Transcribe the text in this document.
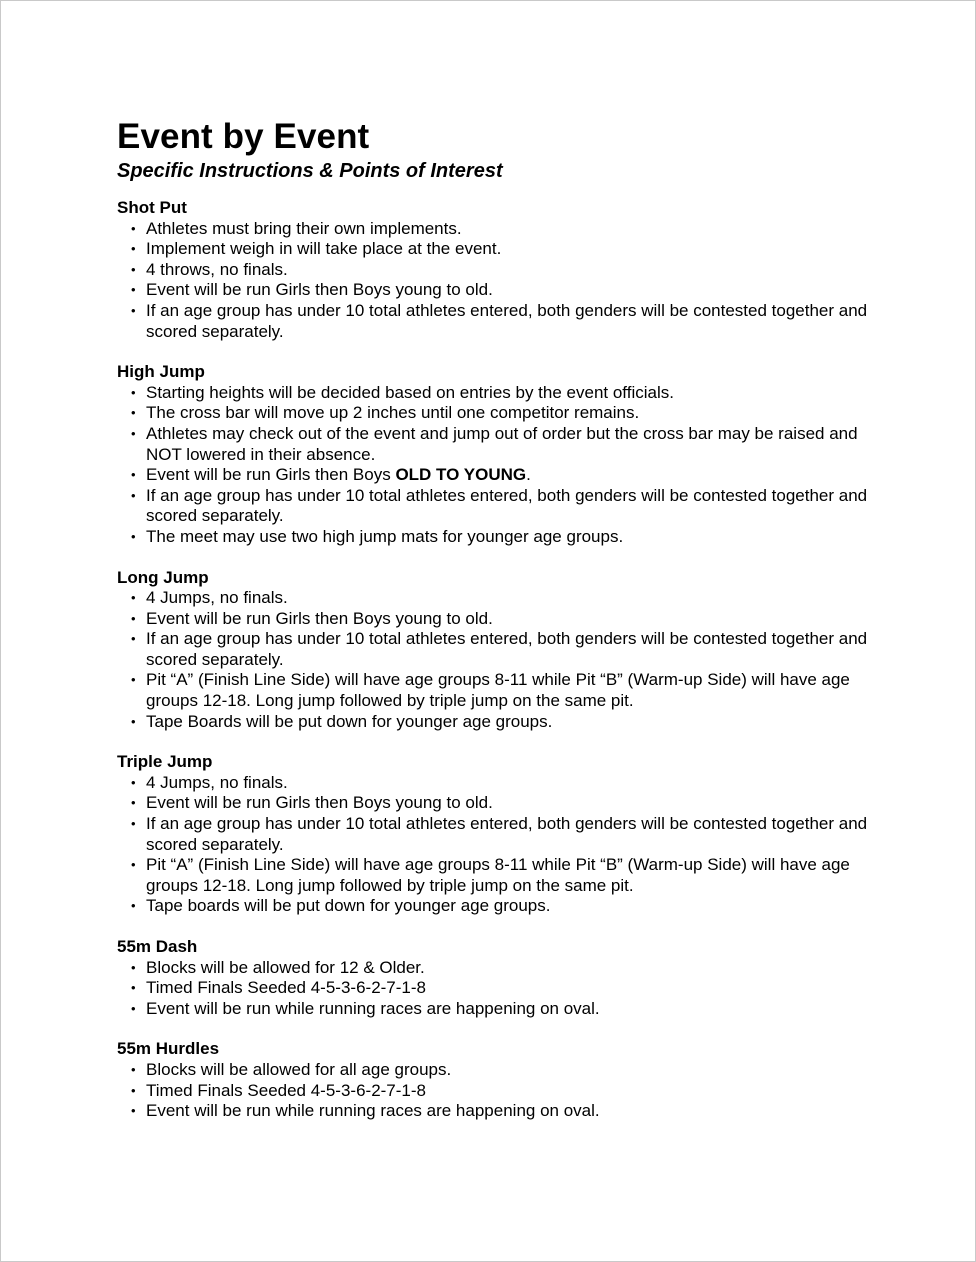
Event by Event
Specific Instructions & Points of Interest
Shot Put
• Athletes must bring their own implements.
• Implement weigh in will take place at the event.
• 4 throws, no finals.
• Event will be run Girls then Boys young to old.
• If an age group has under 10 total athletes entered, both genders will be contested together and scored separately.
High Jump
• Starting heights will be decided based on entries by the event officials.
• The cross bar will move up 2 inches until one competitor remains.
• Athletes may check out of the event and jump out of order but the cross bar may be raised and NOT lowered in their absence.
• Event will be run Girls then Boys OLD TO YOUNG.
• If an age group has under 10 total athletes entered, both genders will be contested together and scored separately.
• The meet may use two high jump mats for younger age groups.
Long Jump
• 4 Jumps, no finals.
• Event will be run Girls then Boys young to old.
• If an age group has under 10 total athletes entered, both genders will be contested together and scored separately.
• Pit “A” (Finish Line Side) will have age groups 8-11 while Pit “B” (Warm-up Side) will have age groups 12-18. Long jump followed by triple jump on the same pit.
• Tape Boards will be put down for younger age groups.
Triple Jump
• 4 Jumps, no finals.
• Event will be run Girls then Boys young to old.
• If an age group has under 10 total athletes entered, both genders will be contested together and scored separately.
• Pit “A” (Finish Line Side) will have age groups 8-11 while Pit “B” (Warm-up Side) will have age groups 12-18. Long jump followed by triple jump on the same pit.
• Tape boards will be put down for younger age groups.
55m Dash
• Blocks will be allowed for 12 & Older.
• Timed Finals Seeded 4-5-3-6-2-7-1-8
• Event will be run while running races are happening on oval.
55m Hurdles
• Blocks will be allowed for all age groups.
• Timed Finals Seeded 4-5-3-6-2-7-1-8
• Event will be run while running races are happening on oval.
